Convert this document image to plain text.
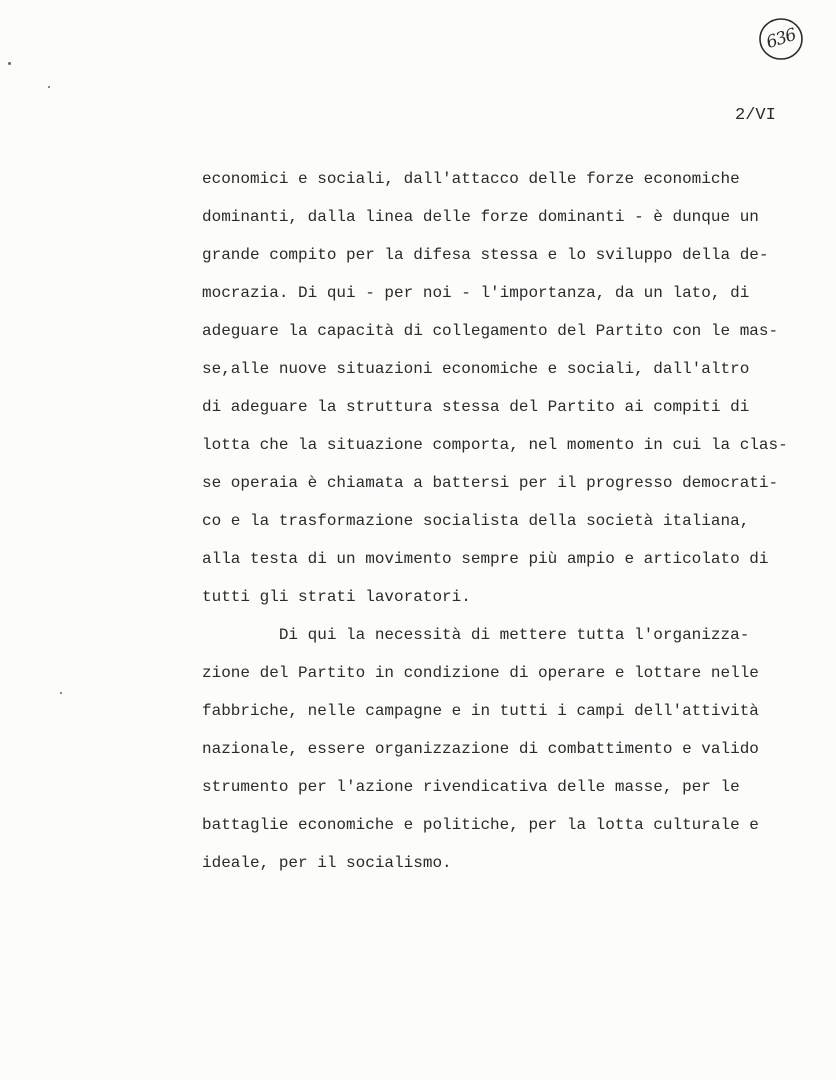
636
2/VI
economici e sociali, dall'attacco delle forze economiche
dominanti, dalla linea delle forze dominanti - è dunque un
grande compito per la difesa stessa e lo sviluppo della de-
mocrazia. Di qui - per noi - l'importanza, da un lato, di
adeguare la capacità di collegamento del Partito con le mas-
se,alle nuove situazioni economiche e sociali, dall'altro
di adeguare la struttura stessa del Partito ai compiti di
lotta che la situazione comporta, nel momento in cui la clas-
se operaia è chiamata a battersi per il progresso democrati-
co e la trasformazione socialista della società italiana,
alla testa di un movimento sempre più ampio e articolato di
tutti gli strati lavoratori.
Di qui la necessità di mettere tutta l'organizza-
zione del Partito in condizione di operare e lottare nelle
fabbriche, nelle campagne e in tutti i campi dell'attività
nazionale, essere organizzazione di combattimento e valido
strumento per l'azione rivendicativa delle masse, per le
battaglie economiche e politiche, per la lotta culturale e
ideale, per il socialismo.
